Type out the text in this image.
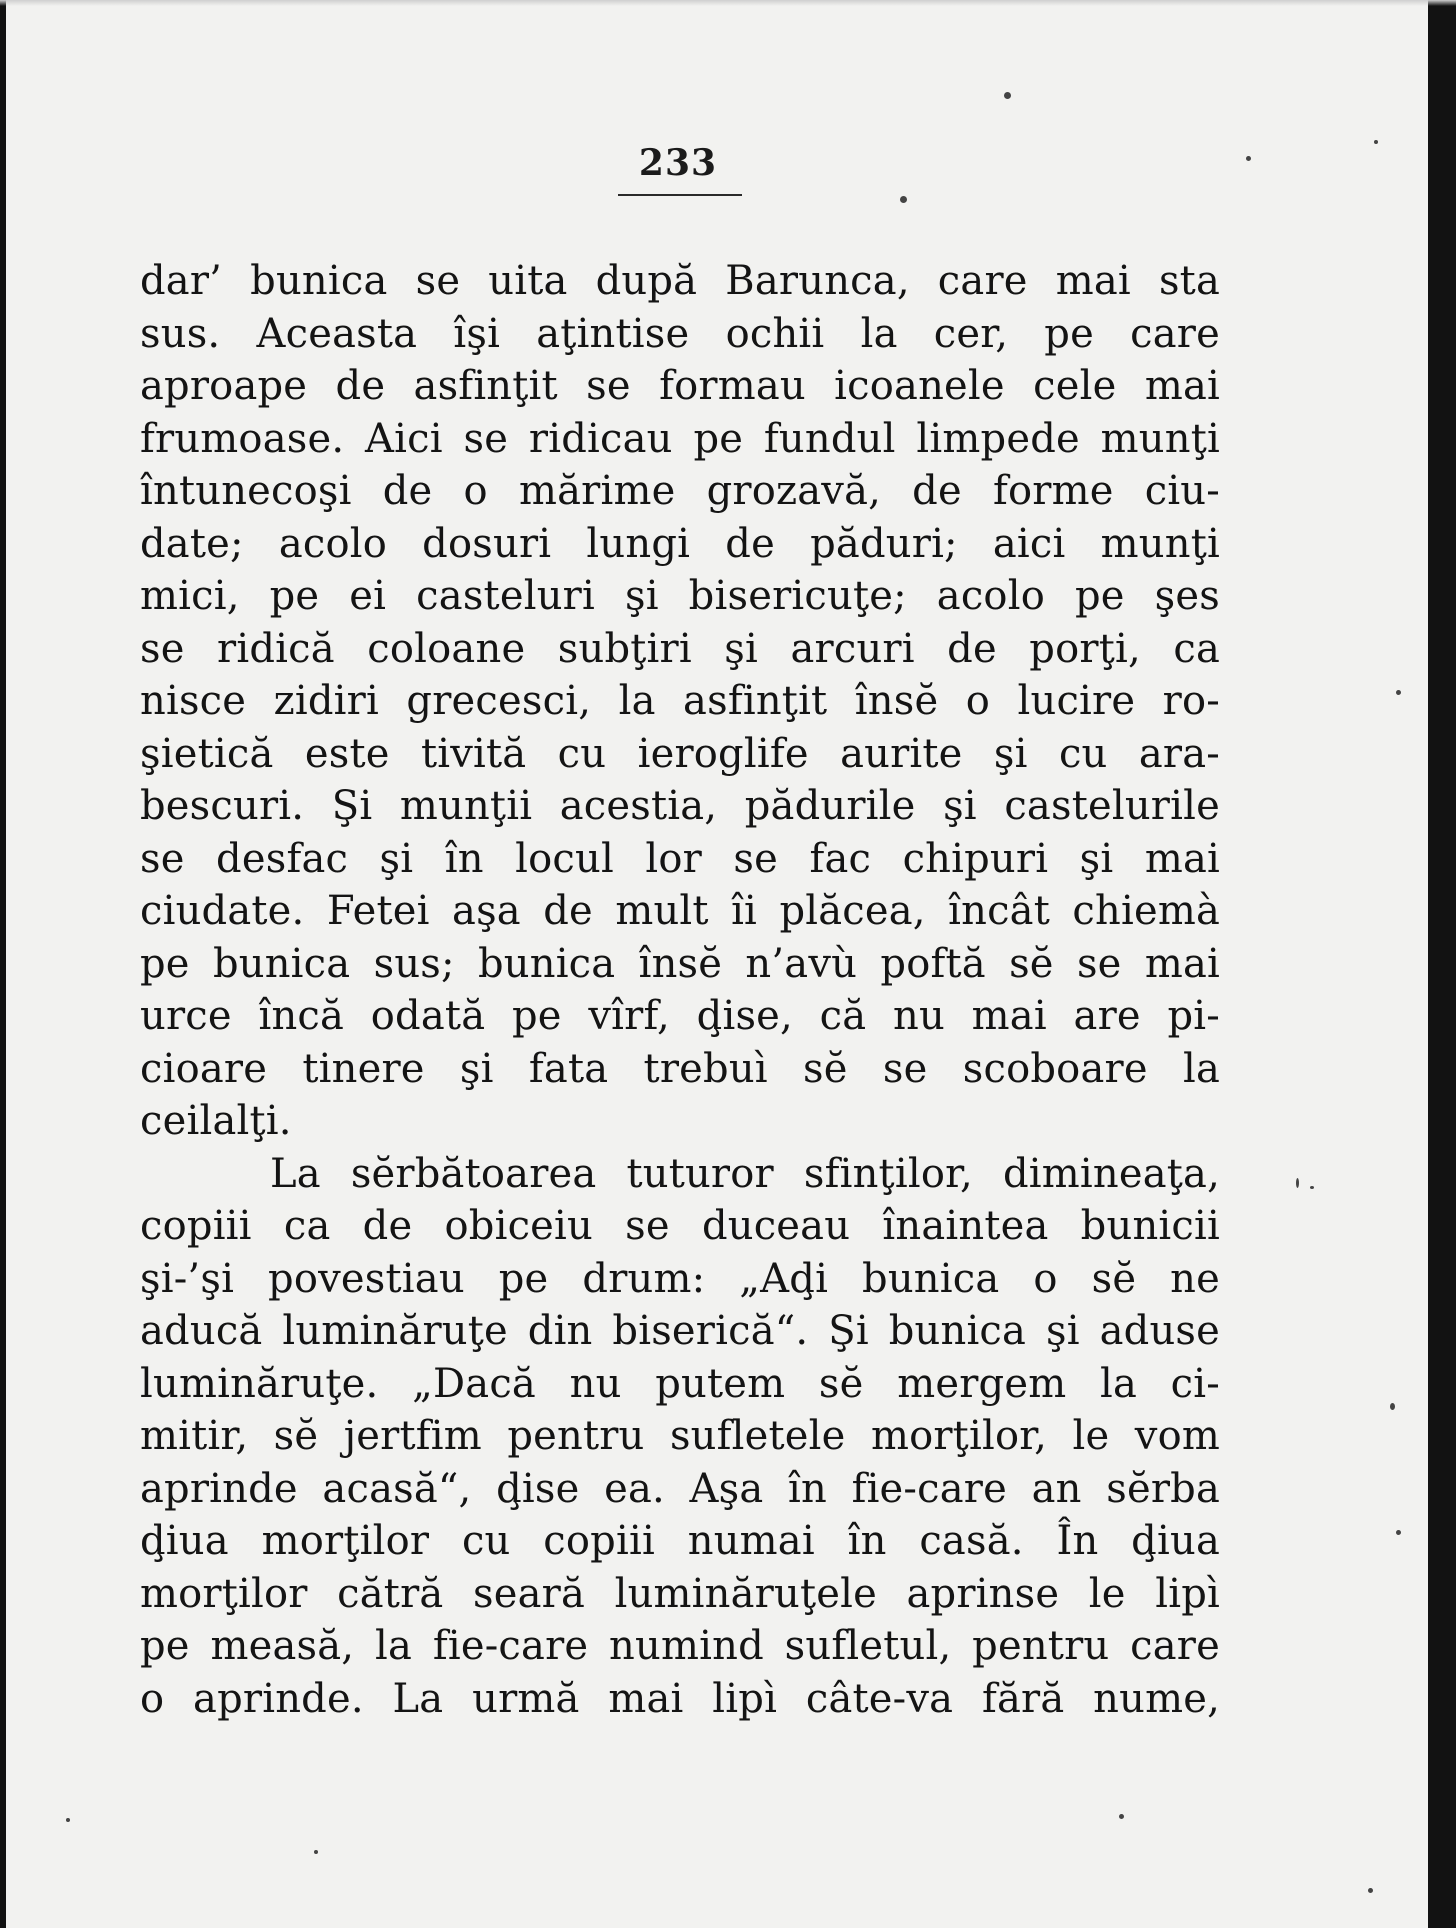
233
dar’ bunica se uita după Barunca, care mai sta
sus. Aceasta îşi aţintise ochii la cer, pe care
aproape de asfinţit se formau icoanele cele mai
frumoase. Aici se ridicau pe fundul limpede munţi
întunecoşi de o mărime grozavă, de forme ciu-
date; acolo dosuri lungi de păduri; aici munţi
mici, pe ei casteluri şi bisericuţe; acolo pe şes
se ridică coloane subţiri şi arcuri de porţi, ca
nisce zidiri grecesci, la asfinţit însĕ o lucire ro-
şietică este tivită cu ieroglife aurite şi cu ara-
bescuri. Şi munţii acestia, pădurile şi castelurile
se desfac şi în locul lor se fac chipuri şi mai
ciudate. Fetei aşa de mult îi plăcea, încât chiemà
pe bunica sus; bunica însĕ n’avù poftă sĕ se mai
urce încă odată pe vîrf, ḑise, că nu mai are pi-
cioare tinere şi fata trebuì sĕ se scoboare la
ceilalţi.
La sĕrbătoarea tuturor sfinţilor, dimineaţa,
copiii ca de obiceiu se duceau înaintea bunicii
şi-’şi povestiau pe drum: „Aḑi bunica o sĕ ne
aducă luminăruţe din biserică“. Şi bunica şi aduse
luminăruţe. „Dacă nu putem sĕ mergem la ci-
mitir, sĕ jertfim pentru sufletele morţilor, le vom
aprinde acasă“, ḑise ea. Aşa în fie-care an sĕrba
ḑiua morţilor cu copiii numai în casă. În ḑiua
morţilor cătră seară luminăruţele aprinse le lipì
pe measă, la fie-care numind sufletul, pentru care
o aprinde. La urmă mai lipì câte-va fără nume,
